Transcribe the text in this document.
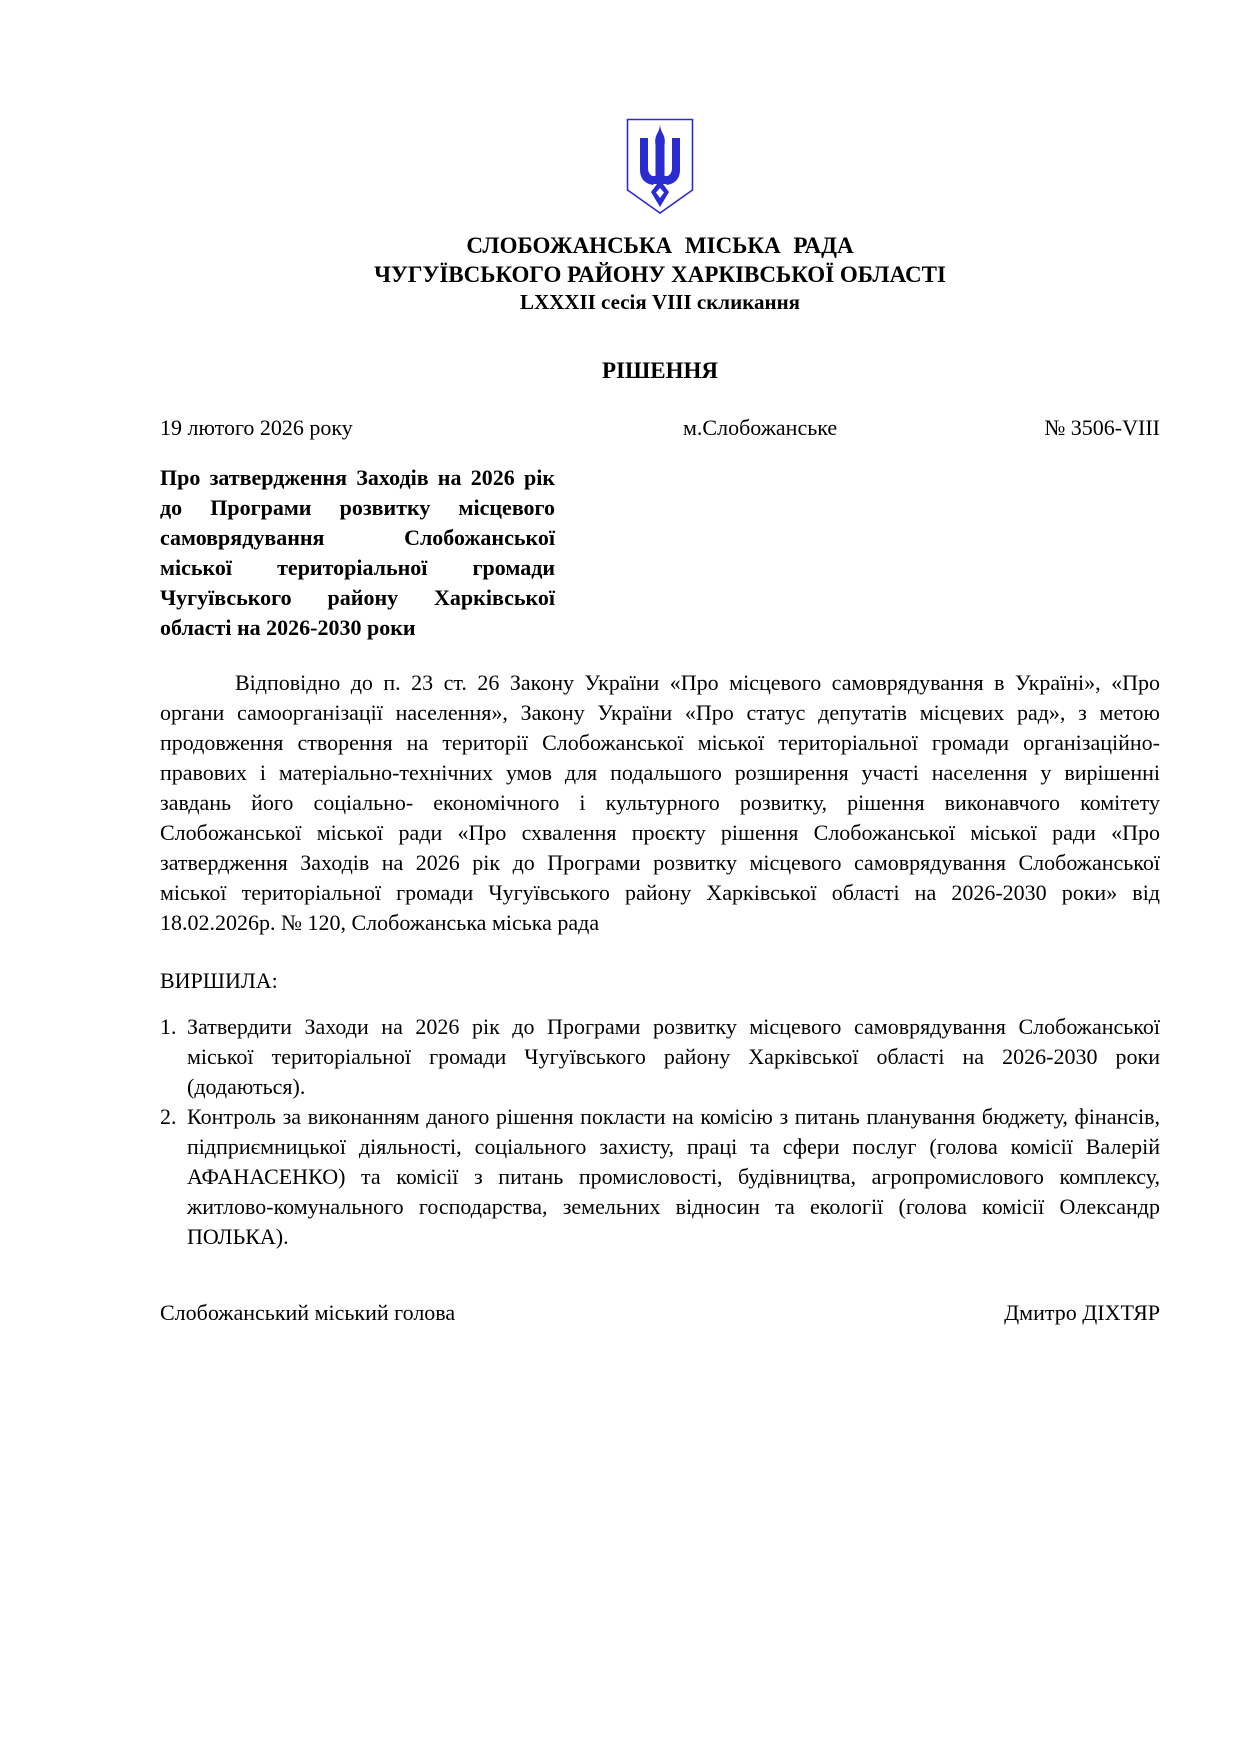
СЛОБОЖАНСЬКА МІСЬКА РАДА
ЧУГУЇВСЬКОГО РАЙОНУ ХАРКІВСЬКОЇ ОБЛАСТІ
LXXXII сесія VIII скликання
РІШЕННЯ
19 лютого 2026 року	м.Слобожанське	№ 3506-VIII
Про затвердження Заходів на 2026 рік до Програми розвитку місцевого самоврядування Слобожанської міської територіальної громади Чугуївського району Харківської області на 2026-2030 роки
Відповідно до п. 23 ст. 26 Закону України «Про місцевого самоврядування в Україні», «Про органи самоорганізації населення», Закону України «Про статус депутатів місцевих рад», з метою продовження створення на території Слобожанської міської територіальної громади організаційно-правових і матеріально-технічних умов для подальшого розширення участі населення у вирішенні завдань його соціально- економічного і культурного розвитку, рішення виконавчого комітету Слобожанської міської ради «Про схвалення проєкту рішення Слобожанської міської ради «Про затвердження Заходів на 2026 рік до Програми розвитку місцевого самоврядування Слобожанської міської територіальної громади Чугуївського району Харківської області на 2026-2030 роки» від 18.02.2026р. № 120, Слобожанська міська рада
ВИРШИЛА:
1. Затвердити Заходи на 2026 рік до Програми розвитку місцевого самоврядування Слобожанської міської територіальної громади Чугуївського району Харківської області на 2026-2030 роки (додаються).
2. Контроль за виконанням даного рішення покласти на комісію з питань планування бюджету, фінансів, підприємницької діяльності, соціального захисту, праці та сфери послуг (голова комісії Валерій АФАНАСЕНКО) та комісії з питань промисловості, будівництва, агропромислового комплексу, житлово-комунального господарства, земельних відносин та екології (голова комісії Олександр ПОЛЬКА).
Слобожанський міський голова	Дмитро ДІХТЯР
